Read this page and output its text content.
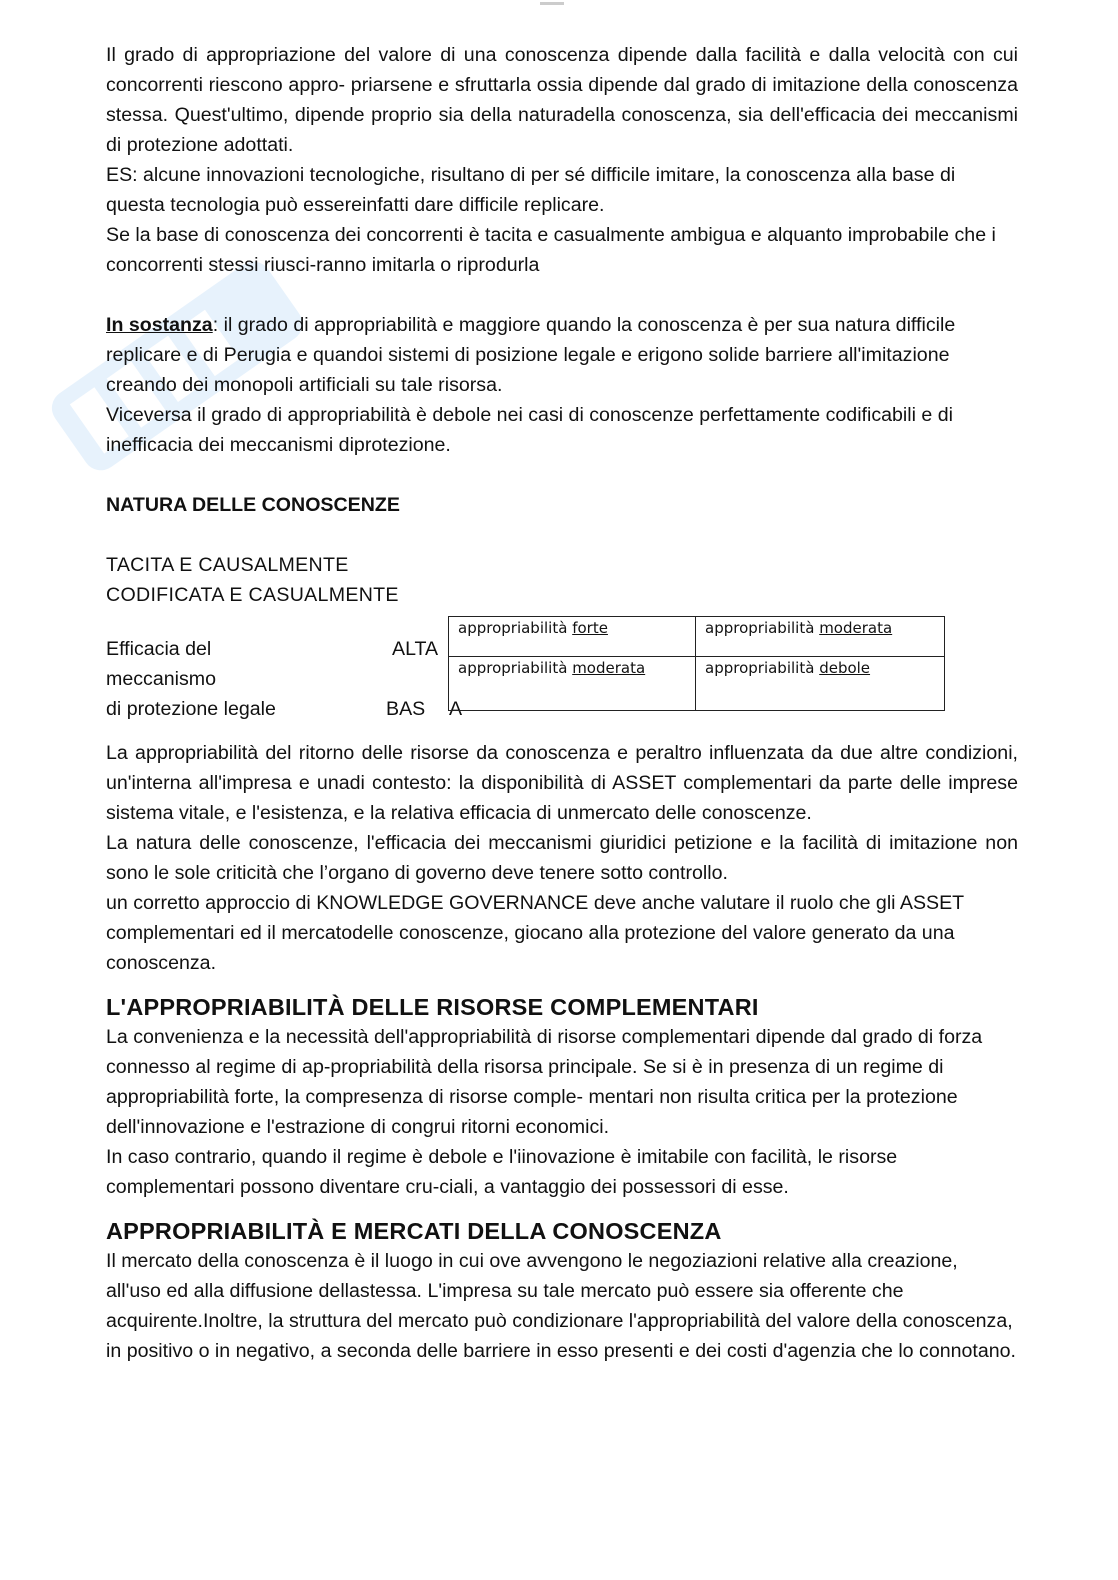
Il grado di appropriazione del valore di una conoscenza dipende dalla facilità e dalla velocità con cui concorrenti riescono appro- priarsene e sfruttarla ossia dipende dal grado di imitazione della conoscenza stessa. Quest'ultimo, dipende proprio sia della naturadella conoscenza, sia dell'efficacia dei meccanismi di protezione adottati.

ES: alcune innovazioni tecnologiche, risultano di per sé difficile imitare, la conoscenza alla base di questa tecnologia può essereinfatti dare difficile replicare.

Se la base di conoscenza dei concorrenti è tacita e casualmente ambigua e alquanto improbabile che i concorrenti stessi riusci-ranno imitarla o riprodurla

In sostanza: il grado di appropriabilità e maggiore quando la conoscenza è per sua natura difficile replicare e di Perugia e quandoi sistemi di posizione legale e erigono solide barriere all'imitazione creando dei monopoli artificiali su tale risorsa.

Viceversa il grado di appropriabilità è debole nei casi di conoscenze perfettamente codificabili e di inefficacia dei meccanismi diprotezione.

NATURA DELLE CONOSCENZE

TACITA E CAUSALMENTE

CODIFICATA E CASUALMENTE

Efficacia del
meccanismo
di protezione legale
ALTA
BAS A
appropriabilità forte	appropriabilità moderata
appropriabilità moderata	appropriabilità debole

La appropriabilità del ritorno delle risorse da conoscenza e peraltro influenzata da due altre condizioni, un'interna all'impresa e unadi contesto: la disponibilità di ASSET complementari da parte delle imprese sistema vitale, e l'esistenza, e la relativa efficacia di unmercato delle conoscenze.

La natura delle conoscenze, l'efficacia dei meccanismi giuridici petizione e la facilità di imitazione non sono le sole criticità che l’organo di governo deve tenere sotto controllo.

un corretto approccio di KNOWLEDGE GOVERNANCE deve anche valutare il ruolo che gli ASSET complementari ed il mercatodelle conoscenze, giocano alla protezione del valore generato da una conoscenza.

L'APPROPRIABILITÀ DELLE RISORSE COMPLEMENTARI

La convenienza e la necessità dell'appropriabilità di risorse complementari dipende dal grado di forza connesso al regime di ap-propriabilità della risorsa principale. Se si è in presenza di un regime di appropriabilità forte, la compresenza di risorse comple- mentari non risulta critica per la protezione dell'innovazione e l'estrazione di congrui ritorni economici.

In caso contrario, quando il regime è debole e l'iinovazione è imitabile con facilità, le risorse complementari possono diventare cru-ciali, a vantaggio dei possessori di esse.

APPROPRIABILITÀ E MERCATI DELLA CONOSCENZA

Il mercato della conoscenza è il luogo in cui ove avvengono le negoziazioni relative alla creazione, all'uso ed alla diffusione dellastessa. L'impresa su tale mercato può essere sia offerente che acquirente.Inoltre, la struttura del mercato può condizionare l'appropriabilità del valore della conoscenza, in positivo o in negativo, a seconda delle barriere in esso presenti e dei costi d'agenzia che lo connotano.
